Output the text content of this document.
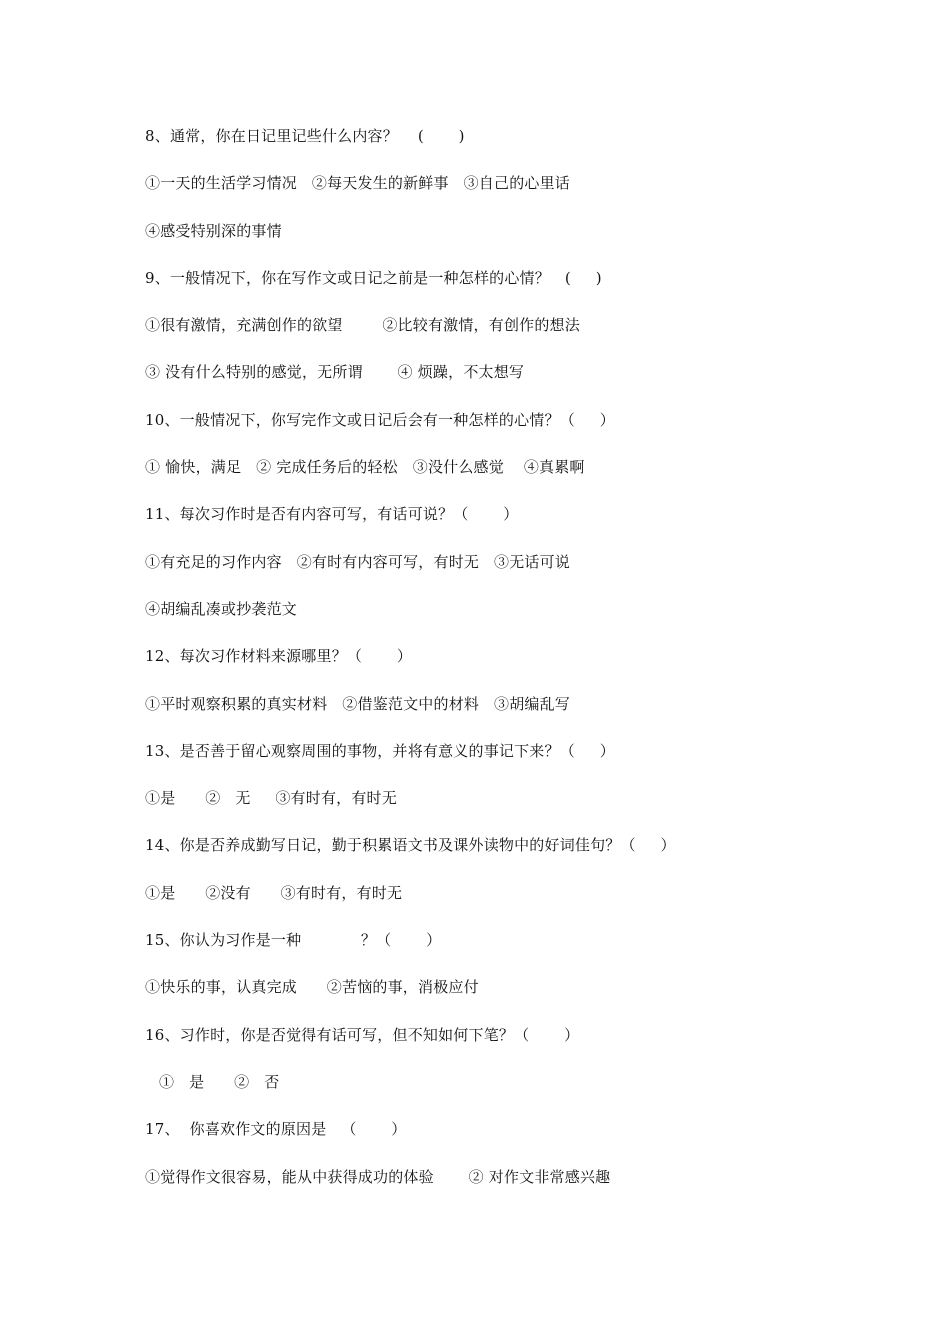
8、通常，你在日记里记些什么内容？    (       )
①一天的生活学习情况   ②每天发生的新鲜事   ③自己的心里话
④感受特别深的事情
9、一般情况下，你在写作文或日记之前是一种怎样的心情？   (     )
①很有激情，充满创作的欲望        ②比较有激情，有创作的想法
③ 没有什么特别的感觉，无所谓       ④ 烦躁，不太想写
10、一般情况下，你写完作文或日记后会有一种怎样的心情？（     ）
① 愉快，满足   ② 完成任务后的轻松   ③没什么感觉    ④真累啊
11、每次习作时是否有内容可写，有话可说？（       ）
①有充足的习作内容   ②有时有内容可写，有时无   ③无话可说
④胡编乱凑或抄袭范文
12、每次习作材料来源哪里？（       ）
①平时观察积累的真实材料   ②借鉴范文中的材料   ③胡编乱写
13、是否善于留心观察周围的事物，并将有意义的事记下来？（     ）
①是      ②   无     ③有时有，有时无
14、你是否养成勤写日记，勤于积累语文书及课外读物中的好词佳句？（     ）
①是      ②没有      ③有时有，有时无
15、你认为习作是一种            ？（       ）
①快乐的事，认真完成      ②苦恼的事，消极应付
16、习作时，你是否觉得有话可写，但不知如何下笔？（       ）
①   是      ②   否
17、  你喜欢作文的原因是   （       ）
①觉得作文很容易，能从中获得成功的体验       ② 对作文非常感兴趣
